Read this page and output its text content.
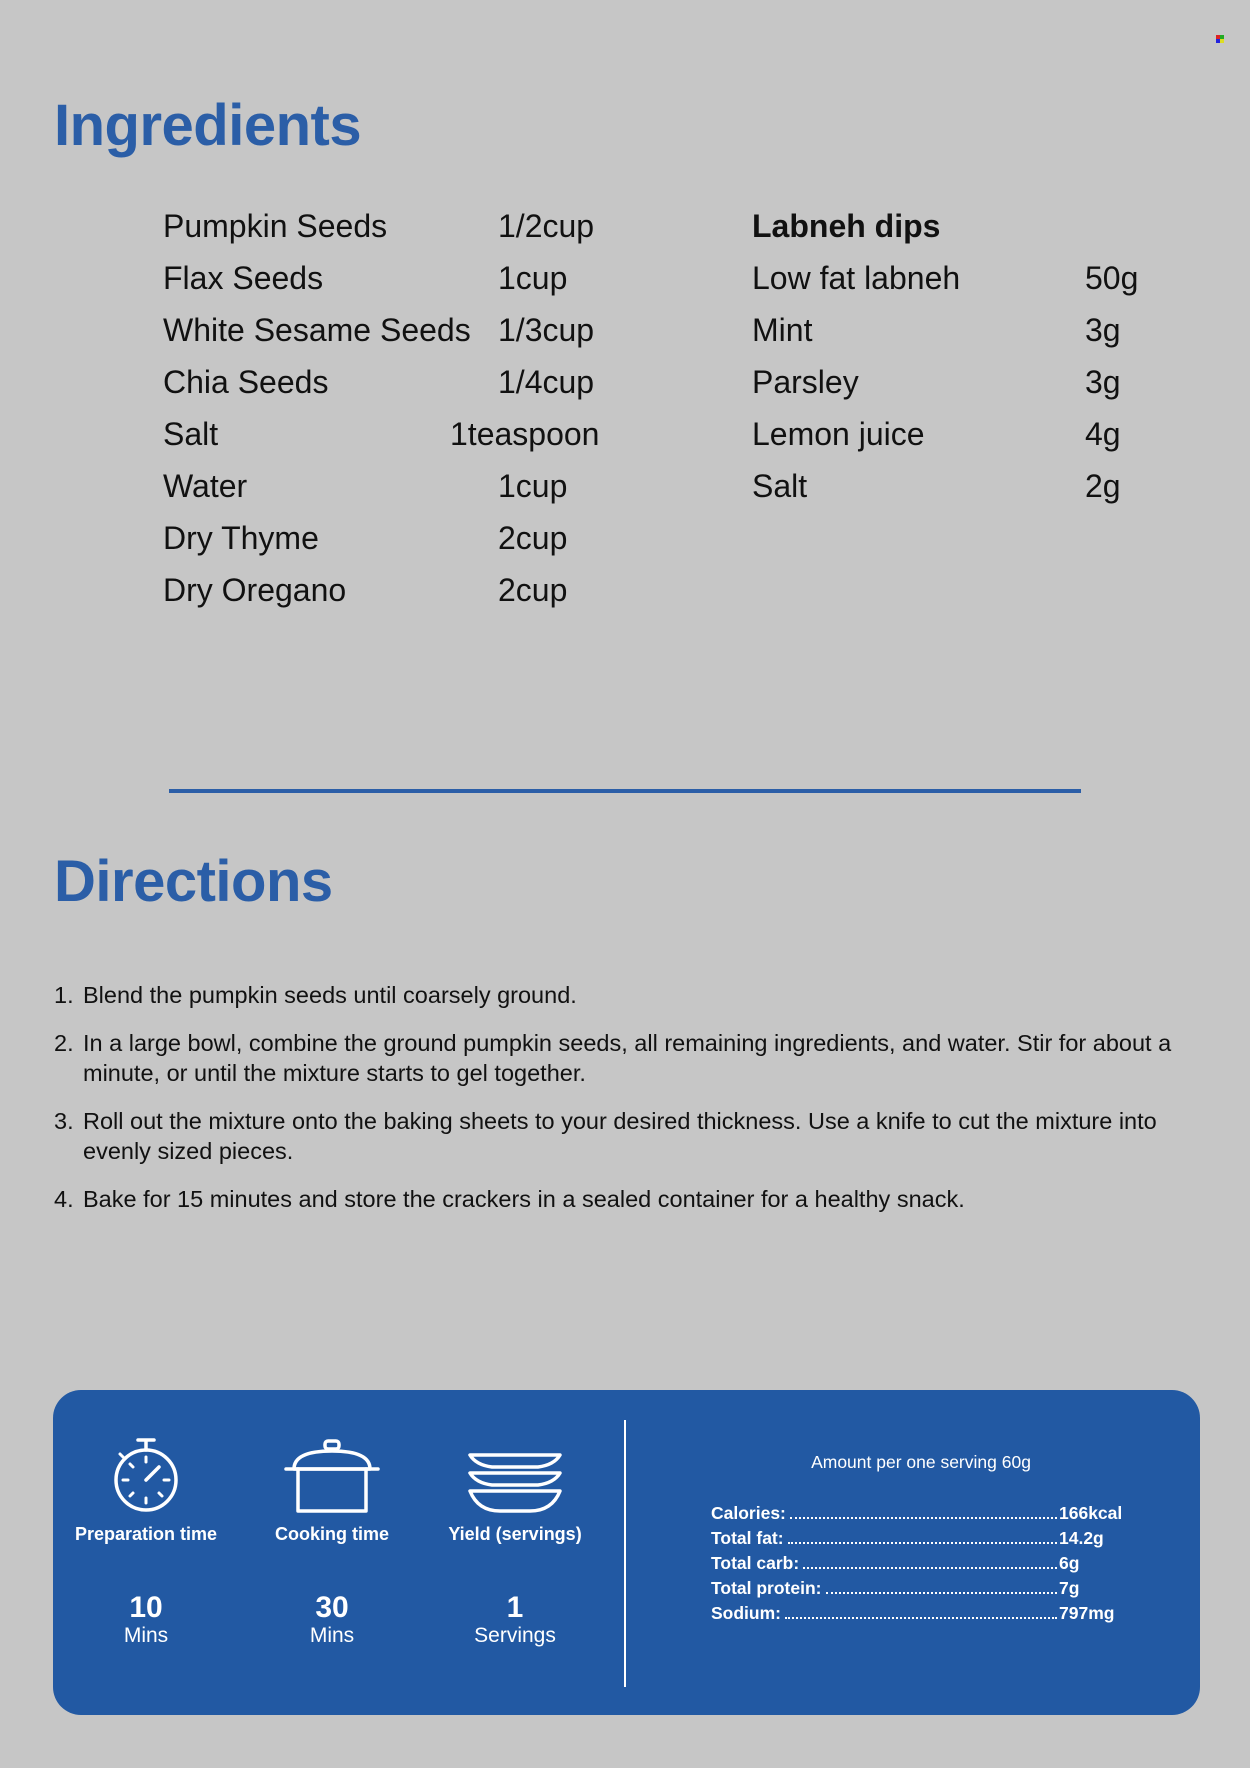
Ingredients
Pumpkin Seeds	1/2cup
Flax Seeds	1cup
White Sesame Seeds 1/3cup
Chia Seeds	1/4cup
Salt	1teaspoon
Water	1cup
Dry Thyme	2cup
Dry Oregano	2cup
Labneh dips
Low fat labneh	50g
Mint	3g
Parsley	3g
Lemon juice	4g
Salt	2g
Directions
1. Blend the pumpkin seeds until coarsely ground.
2. In a large bowl, combine the ground pumpkin seeds, all remaining ingredients, and water. Stir for about a minute, or until the mixture starts to gel together.
3. Roll out the mixture onto the baking sheets to your desired thickness. Use a knife to cut the mixture into evenly sized pieces.
4. Bake for 15 minutes and store the crackers in a sealed container for a healthy snack.
Preparation time
10
Mins
Cooking time
30
Mins
Yield (servings)
1
Servings
Amount per one serving 60g
Calories:	166kcal
Total fat:	14.2g
Total carb:	6g
Total protein:	7g
Sodium:	797mg
